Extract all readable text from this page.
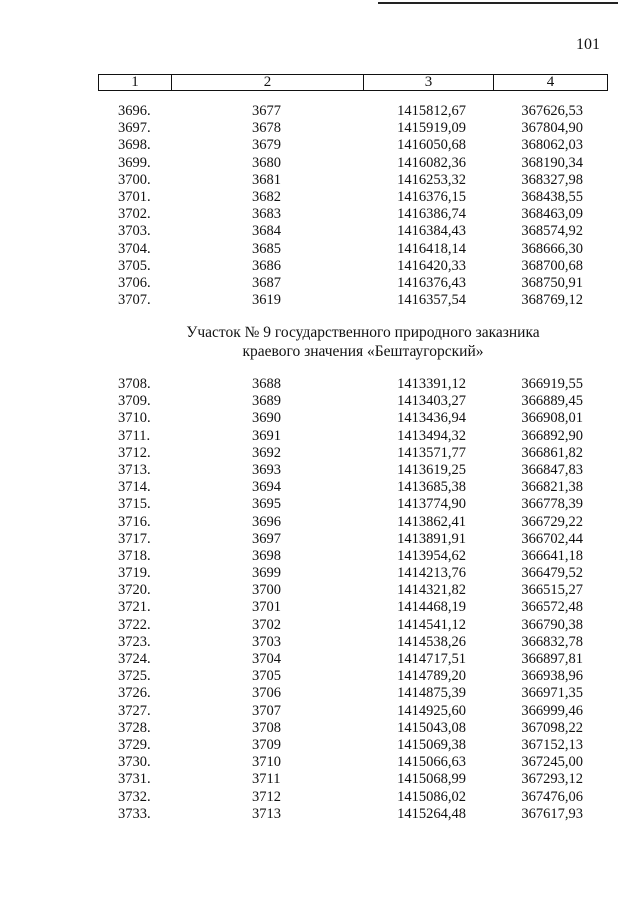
101
1	2	3	4
3696.	3677	1415812,67	367626,53
3697.	3678	1415919,09	367804,90
3698.	3679	1416050,68	368062,03
3699.	3680	1416082,36	368190,34
3700.	3681	1416253,32	368327,98
3701.	3682	1416376,15	368438,55
3702.	3683	1416386,74	368463,09
3703.	3684	1416384,43	368574,92
3704.	3685	1416418,14	368666,30
3705.	3686	1416420,33	368700,68
3706.	3687	1416376,43	368750,91
3707.	3619	1416357,54	368769,12
Участок № 9 государственного природного заказника
краевого значения «Бештаугорский»
3708.	3688	1413391,12	366919,55
3709.	3689	1413403,27	366889,45
3710.	3690	1413436,94	366908,01
3711.	3691	1413494,32	366892,90
3712.	3692	1413571,77	366861,82
3713.	3693	1413619,25	366847,83
3714.	3694	1413685,38	366821,38
3715.	3695	1413774,90	366778,39
3716.	3696	1413862,41	366729,22
3717.	3697	1413891,91	366702,44
3718.	3698	1413954,62	366641,18
3719.	3699	1414213,76	366479,52
3720.	3700	1414321,82	366515,27
3721.	3701	1414468,19	366572,48
3722.	3702	1414541,12	366790,38
3723.	3703	1414538,26	366832,78
3724.	3704	1414717,51	366897,81
3725.	3705	1414789,20	366938,96
3726.	3706	1414875,39	366971,35
3727.	3707	1414925,60	366999,46
3728.	3708	1415043,08	367098,22
3729.	3709	1415069,38	367152,13
3730.	3710	1415066,63	367245,00
3731.	3711	1415068,99	367293,12
3732.	3712	1415086,02	367476,06
3733.	3713	1415264,48	367617,93
